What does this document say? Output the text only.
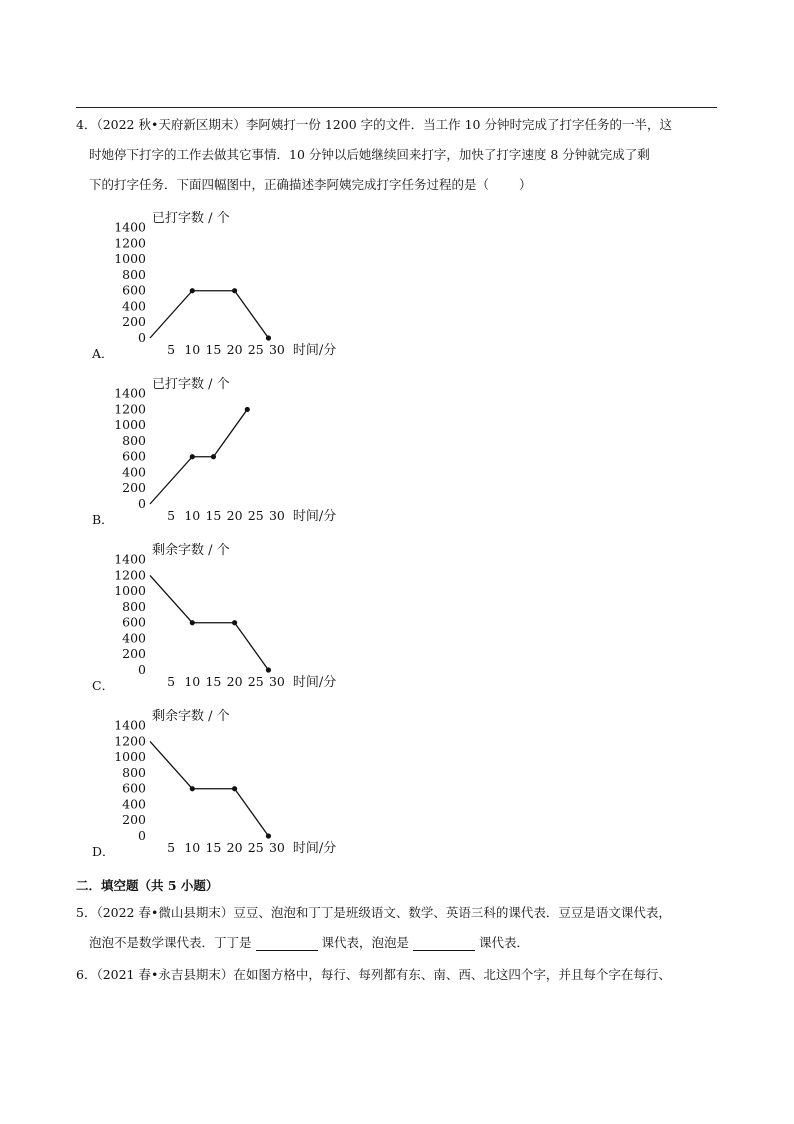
4．（2022 秋•天府新区期末）李阿姨打一份 1200 字的文件．当工作 10 分钟时完成了打字任务的一半，这
时她停下打字的工作去做其它事情．10 分钟以后她继续回来打字，加快了打字速度 8 分钟就完成了剩
下的打字任务．下面四幅图中，正确描述李阿姨完成打字任务过程的是（ ）
已打字数 / 个
0
200
400
600
800
1000
1200
1400
5 10 15 20 25 30 时间/分
A．
已打字数 / 个
0
200
400
600
800
1000
1200
1400
5 10 15 20 25 30 时间/分
B．
剩余字数 / 个
0
200
400
600
800
1000
1200
1400
5 10 15 20 25 30 时间/分
C．
剩余字数 / 个
0
200
400
600
800
1000
1200
1400
5 10 15 20 25 30 时间/分
D．
二．填空题（共 5 小题）
5．（2022 春•微山县期末）豆豆、泡泡和丁丁是班级语文、数学、英语三科的课代表．豆豆是语文课代表，
泡泡不是数学课代表．丁丁是	课代表，泡泡是	课代表．
6．（2021 春•永吉县期末）在如图方格中，每行、每列都有东、南、西、北这四个字，并且每个字在每行、
